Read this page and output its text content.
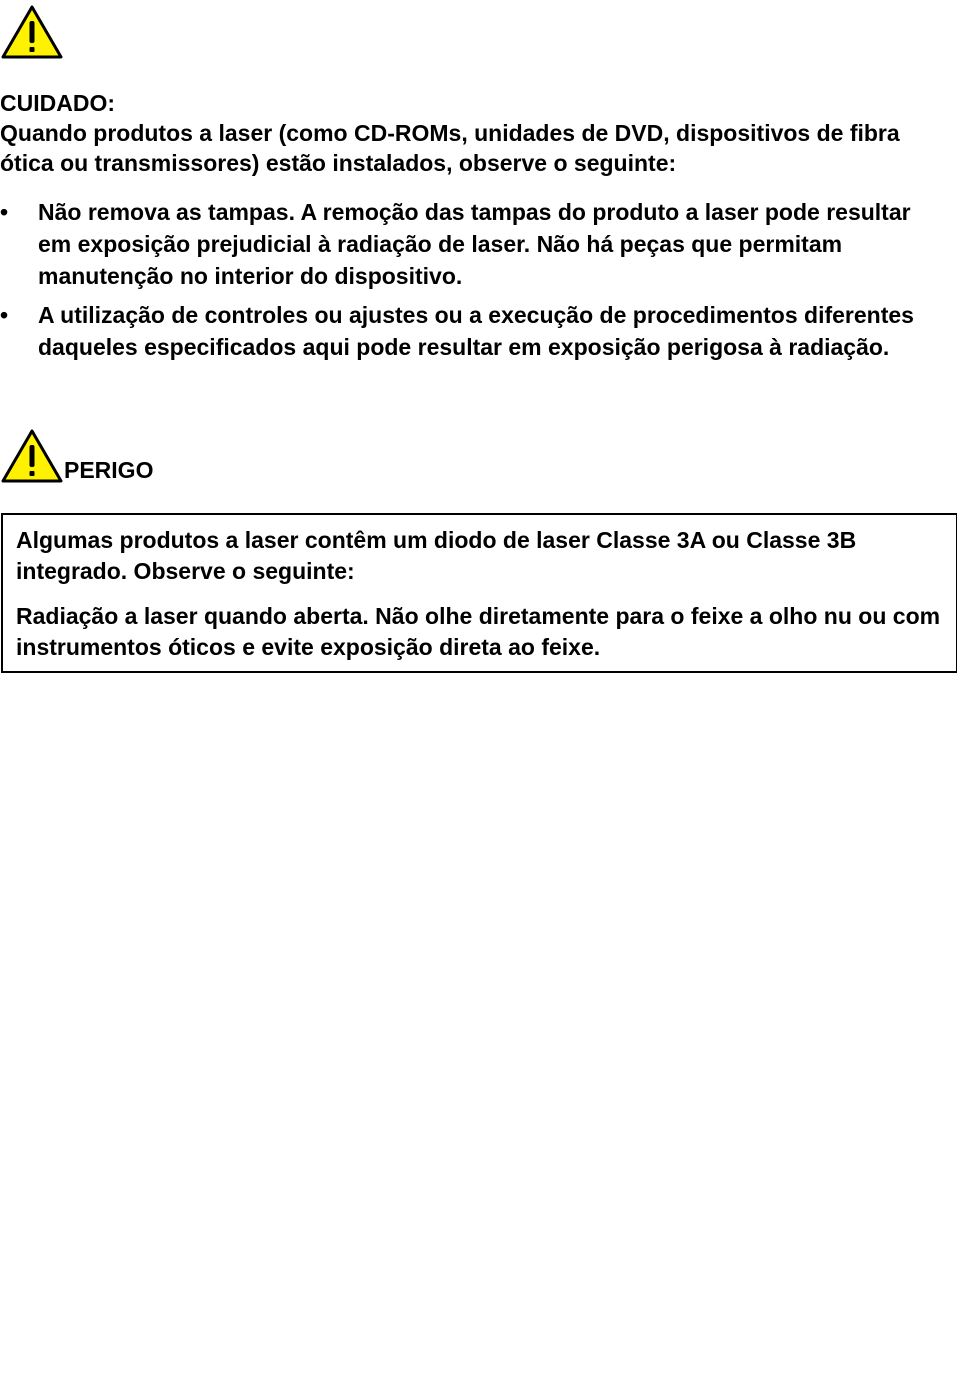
CUIDADO:

Quando produtos a laser (como CD-ROMs, unidades de DVD, dispositivos de fibra ótica ou transmissores) estão instalados, observe o seguinte:

•	Não remova as tampas. A remoção das tampas do produto a laser pode resultar em exposição prejudicial à radiação de laser. Não há peças que permitam manutenção no interior do dispositivo.
•	A utilização de controles ou ajustes ou a execução de procedimentos diferentes daqueles especificados aqui pode resultar em exposição perigosa à radiação.
PERIGO

Algumas produtos a laser contêm um diodo de laser Classe 3A ou Classe 3B integrado. Observe o seguinte:

Radiação a laser quando aberta. Não olhe diretamente para o feixe a olho nu ou com instrumentos óticos e evite exposição direta ao feixe.
